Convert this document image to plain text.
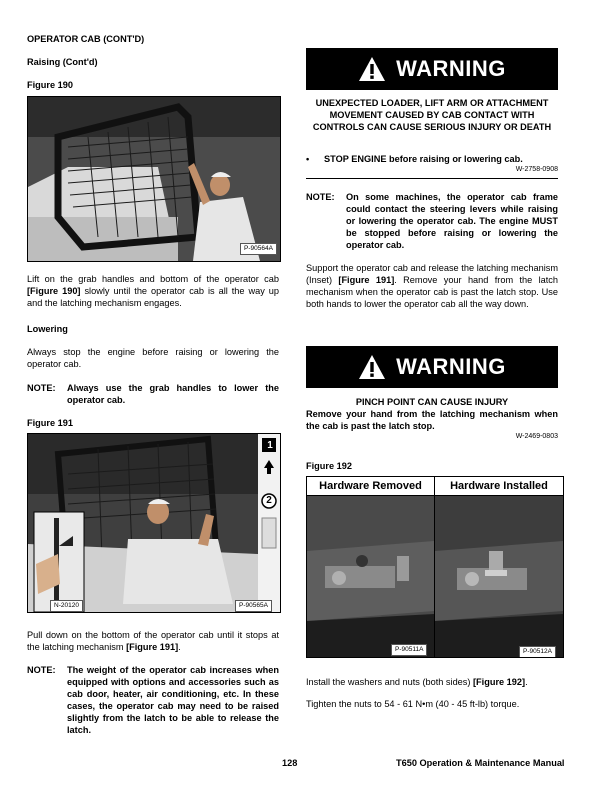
OPERATOR CAB (CONT'D)
Raising (Cont'd)
Figure 190
P-90564A
Lift on the grab handles and bottom of the operator cab [Figure 190] slowly until the operator cab is all the way up and the latching mechanism engages.
Lowering
Always stop the engine before raising or lowering the operator cab.
NOTE:	Always use the grab handles to lower the operator cab.
Figure 191
1
2
N-20120	P-90565A
Pull down on the bottom of the operator cab until it stops at the latching mechanism [Figure 191].
NOTE:	The weight of the operator cab increases when equipped with options and accessories such as cab door, heater, air conditioning, etc. In these cases, the operator cab may need to be raised slightly from the latch to be able to release the latch.
WARNING
UNEXPECTED LOADER, LIFT ARM OR ATTACHMENT MOVEMENT CAUSED BY CAB CONTACT WITH CONTROLS CAN CAUSE SERIOUS INJURY OR DEATH
•	STOP ENGINE before raising or lowering cab.
W-2758-0908
NOTE:	On some machines, the operator cab frame could contact the steering levers while raising or lowering the operator cab. The engine MUST be stopped before raising or lowering the operator cab.
Support the operator cab and release the latching mechanism (Inset) [Figure 191]. Remove your hand from the latch mechanism when the operator cab is past the latch stop. Use both hands to lower the operator cab all the way down.
WARNING
PINCH POINT CAN CAUSE INJURY
Remove your hand from the latching mechanism when the cab is past the latch stop.
W-2469-0803
Figure 192
Hardware Removed	Hardware Installed
P-90511A	P-90512A
Install the washers and nuts (both sides) [Figure 192].
Tighten the nuts to 54 - 61 N•m (40 - 45 ft-lb) torque.
128	T650 Operation & Maintenance Manual
